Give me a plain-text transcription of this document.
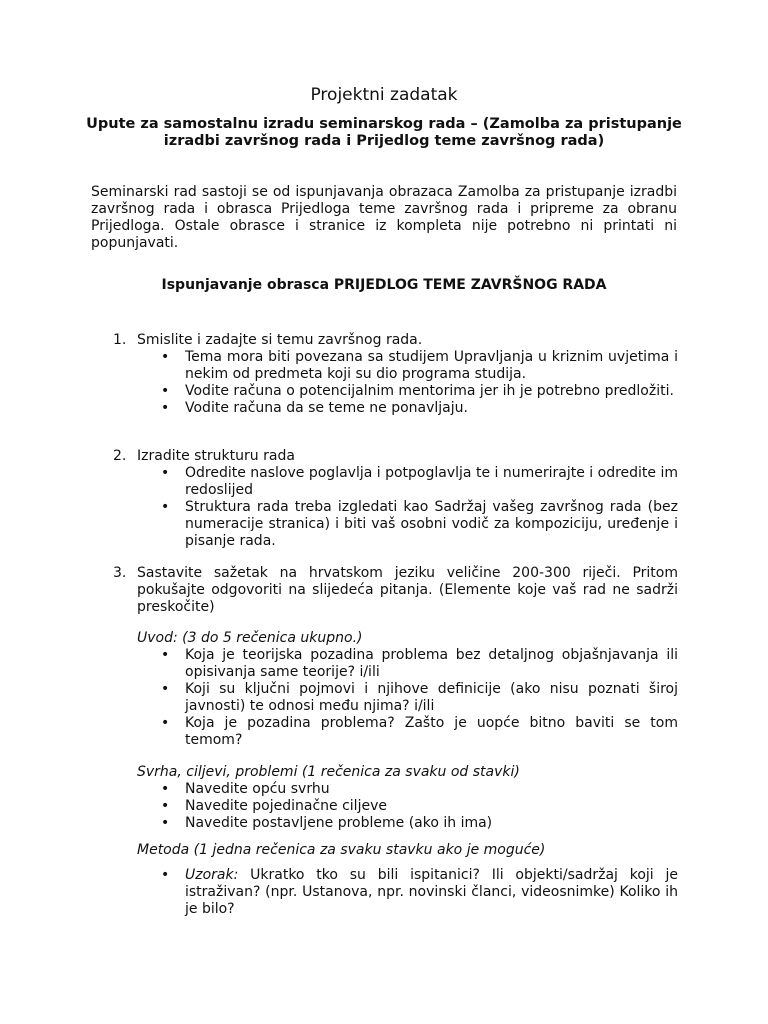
Projektni zadatak

Upute za samostalnu izradu seminarskog rada – (Zamolba za pristupanje izradbi završnog rada i Prijedlog teme završnog rada)

Seminarski rad sastoji se od ispunjavanja obrazaca Zamolba za pristupanje izradbi završnog rada i obrasca Prijedloga teme završnog rada i pripreme za obranu Prijedloga. Ostale obrasce i stranice iz kompleta nije potrebno ni printati ni popunjavati.

Ispunjavanje obrasca PRIJEDLOG TEME ZAVRŠNOG RADA

1. Smislite i zadajte si temu završnog rada.
•	Tema mora biti povezana sa studijem Upravljanja u kriznim uvjetima i nekim od predmeta koji su dio programa studija.
•	Vodite računa o potencijalnim mentorima jer ih je potrebno predložiti.
•	Vodite računa da se teme ne ponavljaju.
2. Izradite strukturu rada
•	Odredite naslove poglavlja i potpoglavlja te i numerirajte i odredite im redoslijed
•	Struktura rada treba izgledati kao Sadržaj vašeg završnog rada (bez numeracije stranica) i biti vaš osobni vodič za kompoziciju, uređenje i pisanje rada.
3. Sastavite sažetak na hrvatskom jeziku veličine 200-300 riječi. Pritom pokušajte odgovoriti na slijedeća pitanja. (Elemente koje vaš rad ne sadrži preskočite)
Uvod: (3 do 5 rečenica ukupno.)
•	Koja je teorijska pozadina problema bez detaljnog objašnjavanja ili opisivanja same teorije? i/ili
•	Koji su ključni pojmovi i njihove definicije (ako nisu poznati široj javnosti) te odnosi među njima? i/ili
•	Koja je pozadina problema? Zašto je uopće bitno baviti se tom temom?
Svrha, ciljevi, problemi (1 rečenica za svaku od stavki)
•	Navedite opću svrhu
•	Navedite pojedinačne ciljeve
•	Navedite postavljene probleme (ako ih ima)
Metoda (1 jedna rečenica za svaku stavku ako je moguće)
•	Uzorak: Ukratko tko su bili ispitanici? Ili objekti/sadržaj koji je istraživan? (npr. Ustanova, npr. novinski članci, videosnimke) Koliko ih je bilo?
